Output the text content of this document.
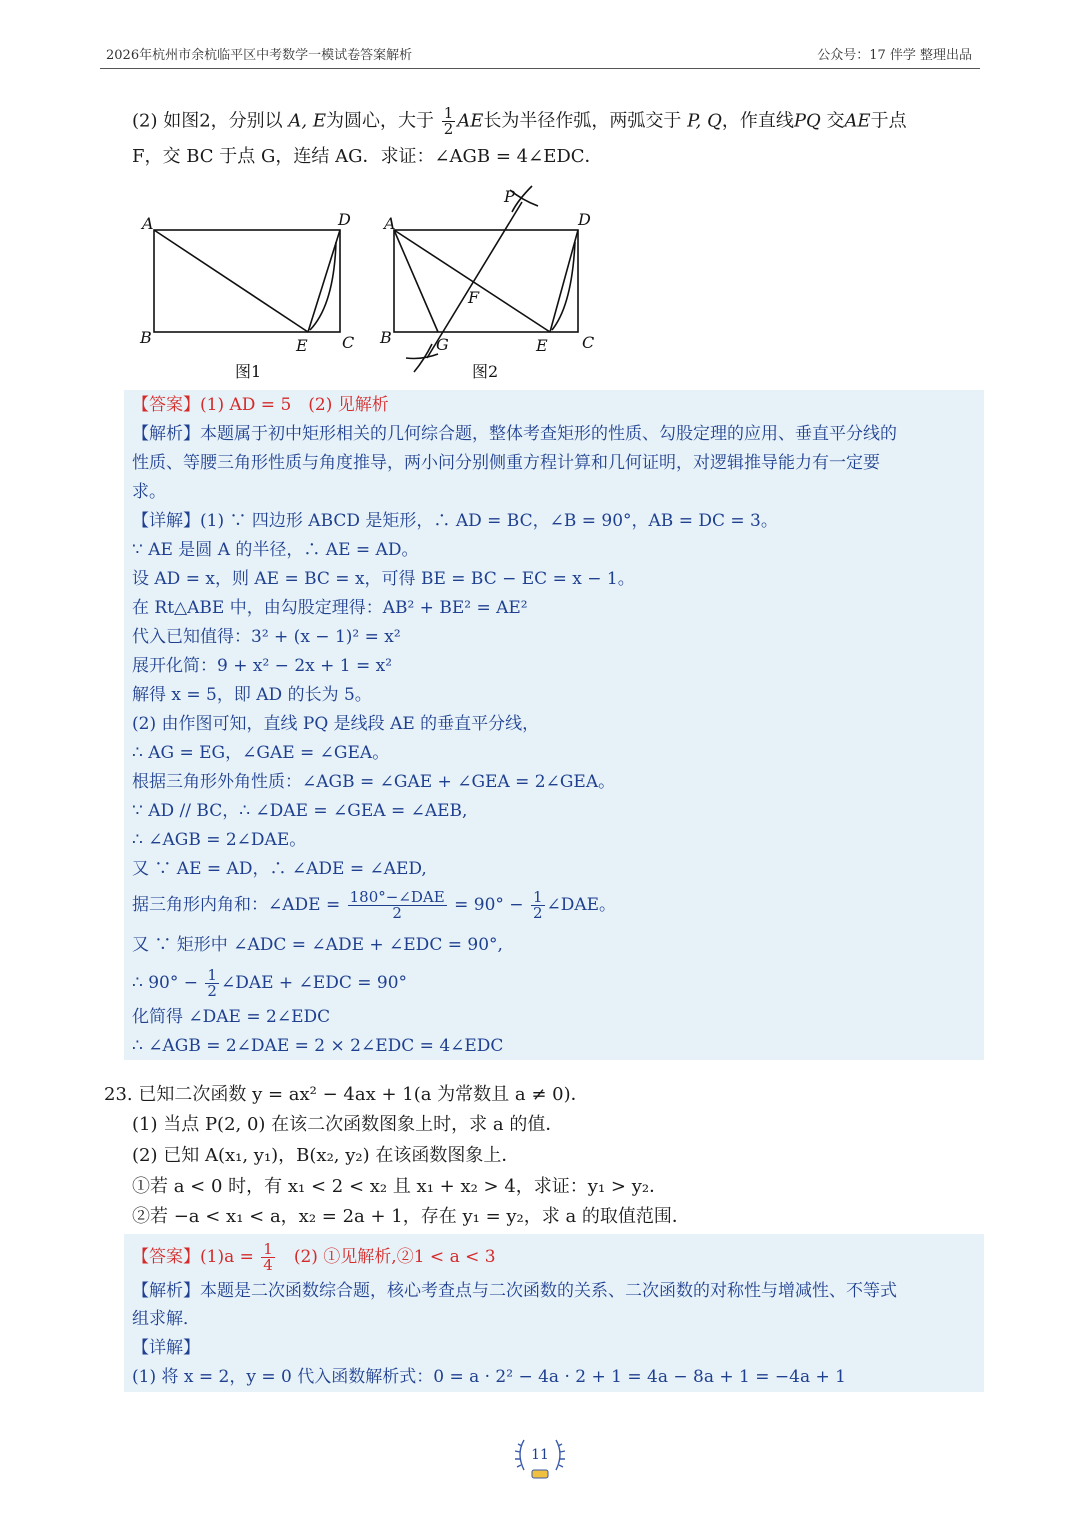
2026年杭州市余杭临平区中考数学一模试卷答案解析	公众号：17 伴学 整理出品
(2) 如图2，分别以 A, E为圆心，大于 $\frac{1}{2}$ AE长为半径作弧，两弧交于 P, Q，作直线PQ 交AE于点
F，交 BC 于点 G，连结 AG．求证：∠AGB = 4∠EDC．
A	D
B	E C
图1
P
A	D
F
B	G	E C
图2
【答案】(1) AD = 5　(2) 见解析
【解析】本题属于初中矩形相关的几何综合题，整体考查矩形的性质、勾股定理的应用、垂直平分线的
性质、等腰三角形性质与角度推导，两小问分别侧重方程计算和几何证明，对逻辑推导能力有一定要
求。
【详解】(1) ∵ 四边形 ABCD 是矩形，∴ AD = BC，∠B = 90°，AB = DC = 3。
∵ AE 是圆 A 的半径，∴ AE = AD。
设 AD = x，则 AE = BC = x，可得 BE = BC − EC = x − 1。
在 Rt△ABE 中，由勾股定理得：AB² + BE² = AE²
代入已知值得：3² + (x − 1)² = x²
展开化简：9 + x² − 2x + 1 = x²
解得 x = 5，即 AD 的长为 5。
(2) 由作图可知，直线 PQ 是线段 AE 的垂直平分线，
∴ AG = EG，∠GAE = ∠GEA。
根据三角形外角性质：∠AGB = ∠GAE + ∠GEA = 2∠GEA。
∵ AD // BC，∴ ∠DAE = ∠GEA = ∠AEB,
∴ ∠AGB = 2∠DAE。
又 ∵ AE = AD，∴ ∠ADE = ∠AED,
据三角形内角和：∠ADE = $\frac{\text{180°−∠DAE}}{2} = 90^\circ - \frac{1}{2}$ ∠DAE。
又 ∵ 矩形中 ∠ADC = ∠ADE + ∠EDC = 90°,
∴ $90^\circ - \frac{1}{2}$ ∠DAE + ∠EDC = 90°
化简得 ∠DAE = 2∠EDC
∴ ∠AGB = 2∠DAE = 2 × 2∠EDC = 4∠EDC
23. 已知二次函数 y = ax² − 4ax + 1(a 为常数且 a ≠ 0)．
(1) 当点 P(2, 0) 在该二次函数图象上时，求 a 的值．
(2) 已知 A(x₁, y₁)，B(x₂, y₂) 在该函数图象上．
①若 a < 0 时，有 x₁ < 2 < x₂ 且 x₁ + x₂ > 4，求证：y₁ > y₂．
②若 −a < x₁ < a，x₂ = 2a + 1，存在 y₁ = y₂，求 a 的取值范围．
【答案】$(1)a = \frac{1}{4}$ 　(2) ①见解析,②1 < a < 3
【解析】本题是二次函数综合题，核心考查点与二次函数的关系、二次函数的对称性与增减性、不等式
组求解．
【详解】
(1) 将 x = 2，y = 0 代入函数解析式：0 = a · 2² − 4a · 2 + 1 = 4a − 8a + 1 = −4a + 1
11
